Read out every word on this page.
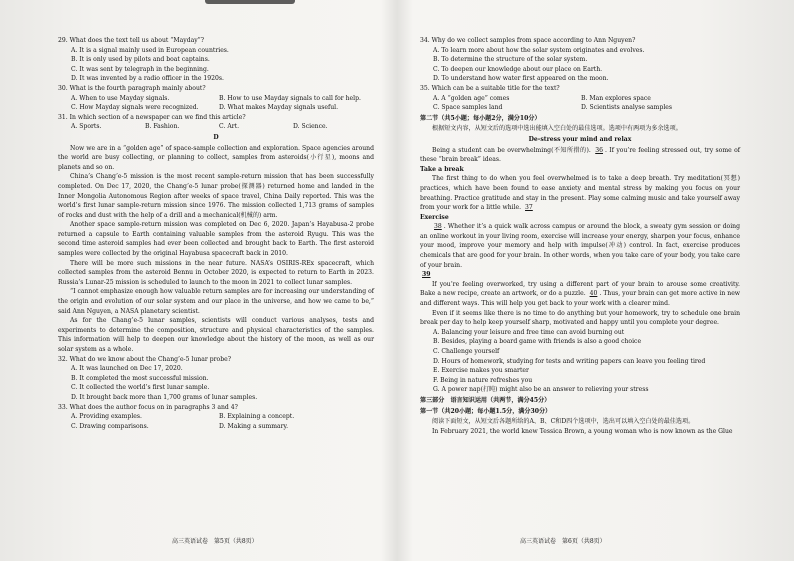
29. What does the text tell us about “Mayday”?

A. It is a signal mainly used in European countries.

B. It is only used by pilots and boat captains.

C. It was sent by telegraph in the beginning.

D. It was invented by a radio officer in the 1920s.

30. What is the fourth paragraph mainly about?

A. When to use Mayday signals.	B. How to use Mayday signals to call for help.
C. How Mayday signals were recognized.	D. What makes Mayday signals useful.

31. In which section of a newspaper can we find this article?

A. Sports.	B. Fashion.	C. Art.	D. Science.

D

Now we are in a “golden age” of space-sample collection and exploration. Space agencies around the world are busy collecting, or planning to collect, samples from asteroids(小行星), moons and planets and so on.

China’s Chang’e-5 mission is the most recent sample-return mission that has been successfully completed. On Dec 17, 2020, the Chang’e-5 lunar probe(探测器) returned home and landed in the Inner Mongolia Autonomous Region after weeks of space travel, China Daily reported. This was the world’s first lunar sample-return mission since 1976. The mission collected 1,713 grams of samples of rocks and dust with the help of a drill and a mechanical(机械的) arm.

Another space sample-return mission was completed on Dec 6, 2020. Japan’s Hayabusa-2 probe returned a capsule to Earth containing valuable samples from the asteroid Ryugu. This was the second time asteroid samples had ever been collected and brought back to Earth. The first asteroid samples were collected by the original Hayabusa spacecraft back in 2010.

There will be more such missions in the near future. NASA’s OSIRIS-REx spacecraft, which collected samples from the asteroid Bennu in October 2020, is expected to return to Earth in 2023. Russia’s Lunar-25 mission is scheduled to launch to the moon in 2021 to collect lunar samples.

“I cannot emphasize enough how valuable return samples are for increasing our understanding of the origin and evolution of our solar system and our place in the universe, and how we came to be,” said Ann Nguyen, a NASA planetary scientist.

As for the Chang’e-5 lunar samples, scientists will conduct various analyses, tests and experiments to determine the composition, structure and physical characteristics of the samples. This information will help to deepen our knowledge about the history of the moon, as well as our solar system as a whole.

32. What do we know about the Chang’e-5 lunar probe?

A. It was launched on Dec 17, 2020.

B. It completed the most successful mission.

C. It collected the world’s first lunar sample.

D. It brought back more than 1,700 grams of lunar samples.

33. What does the author focus on in paragraphs 3 and 4?

A. Providing examples.	B. Explaining a concept.
C. Drawing comparisons.	D. Making a summary.

34. Why do we collect samples from space according to Ann Nguyen?

A. To learn more about how the solar system originates and evolves.

B. To determine the structure of the solar system.

C. To deepen our knowledge about our place on Earth.

D. To understand how water first appeared on the moon.

35. Which can be a suitable title for the text?

A. A “golden age” comes	B. Man explores space
C. Space samples land	D. Scientists analyse samples

第二节（共5小题；每小题2分，满分10分）

根据短文内容，从短文后的选项中选出能填入空白处的最佳选项。选项中有两项为多余选项。

De-stress your mind and relax

Being a student can be overwhelming(不知所措的). 36 . If you’re feeling stressed out, try some of these “brain break” ideas.

Take a break

The first thing to do when you feel overwhelmed is to take a deep breath. Try meditation(冥想) practices, which have been found to ease anxiety and mental stress by making you focus on your breathing. Practice gratitude and stay in the present. Play some calming music and take yourself away from your work for a little while. 37

Exercise

38 . Whether it’s a quick walk across campus or around the block, a sweaty gym session or doing an online workout in your living room, exercise will increase your energy, sharpen your focus, enhance your mood, improve your memory and help with impulse(冲动) control. In fact, exercise produces chemicals that are good for your brain. In other words, when you take care of your body, you take care of your brain.

39

If you’re feeling overworked, try using a different part of your brain to arouse some creativity. Bake a new recipe, create an artwork, or do a puzzle. 40 . Thus, your brain can get more active in new and different ways. This will help you get back to your work with a clearer mind.

Even if it seems like there is no time to do anything but your homework, try to schedule one brain break per day to help keep yourself sharp, motivated and happy until you complete your degree.

A. Balancing your leisure and free time can avoid burning out

B. Besides, playing a board game with friends is also a good choice

C. Challenge yourself

D. Hours of homework, studying for tests and writing papers can leave you feeling tired

E. Exercise makes you smarter

F. Being in nature refreshes you

G. A power nap(打盹) might also be an answer to relieving your stress

第三部分　语言知识运用（共两节，满分45分）

第一节（共20小题；每小题1.5分，满分30分）

阅读下面短文，从短文后各题所给的A、B、C和D四个选项中，选出可以填入空白处的最佳选项。

In February 2021, the world knew Tessica Brown, a young woman who is now known as the Glue

高三英语试卷　第5页（共8页）	高三英语试卷　第6页（共8页）
